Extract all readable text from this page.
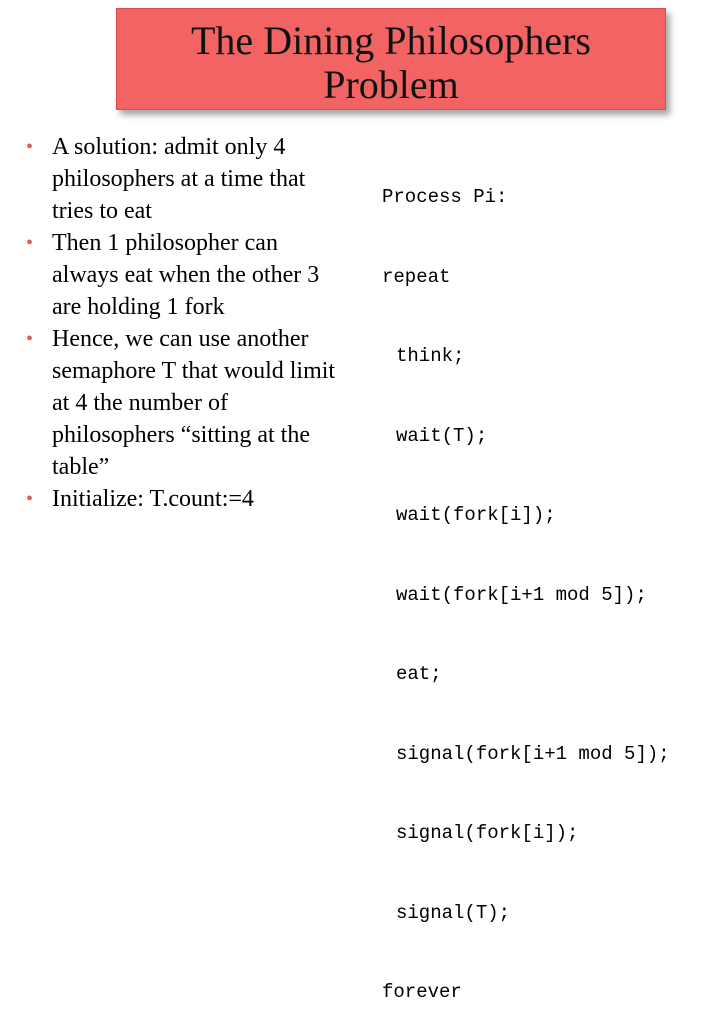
The Dining Philosophers
Problem
• A solution: admit only 4 philosophers at a time that tries to eat
• Then 1 philosopher can always eat when the other 3 are holding 1 fork
• Hence, we can use another semaphore T that would limit at 4 the number of philosophers “sitting at the table”
• Initialize: T.count:=4

Process Pi:

repeat

think;

wait(T);

wait(fork[i]);

wait(fork[i+1 mod 5]);

eat;

signal(fork[i+1 mod 5]);

signal(fork[i]);

signal(T);

forever
